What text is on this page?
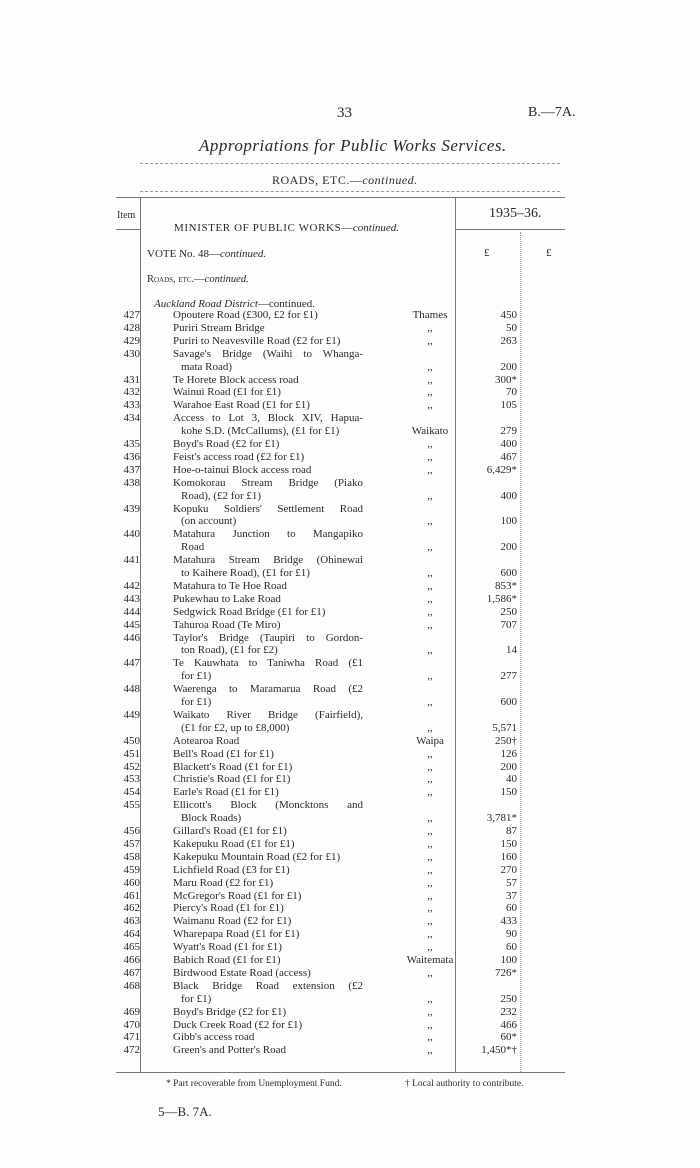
33	B.—7A.
Appropriations for Public Works Services.
ROADS, ETC.—continued.
Item	1935–36.
MINISTER OF PUBLIC WORKS—continued.
VOTE No. 48—continued.	£	£
Roads, etc.—continued.
Auckland Road District—continued.
427	Opoutere Road (£300, £2 for £1)	Thames	450
428	Puriri Stream Bridge	,,	50
429	Puriri to Neavesville Road (£2 for £1)	,,	263
430	Savage's Bridge (Waihi to Whanga-
mata Road)	,,	200
431	Te Horete Block access road	,,	300*
432	Wainui Road (£1 for £1)	,,	70
433	Warahoe East Road (£1 for £1)	,,	105
434	Access to Lot 3, Block XIV, Hapua-
kohe S.D. (McCallums), (£1 for £1)	Waikato	279
435	Boyd's Road (£2 for £1)	,,	400
436	Feist's access road (£2 for £1)	,,	467
437	Hoe-o-tainui Block access road	,,	6,429*
438	Komokorau Stream Bridge (Piako
Road), (£2 for £1)	,,	400
439	Kopuku Soldiers' Settlement Road
(on account)	,,	100
440	Matahura Junction to Mangapiko
Road	,,	200
441	Matahura Stream Bridge (Ohinewai
to Kaihere Road), (£1 for £1)	,,	600
442	Matahura to Te Hoe Road	,,	853*
443	Pukewhau to Lake Road	,,	1,586*
444	Sedgwick Road Bridge (£1 for £1)	,,	250
445	Tahuroa Road (Te Miro)	,,	707
446	Taylor's Bridge (Taupiri to Gordon-
ton Road), (£1 for £2)	,,	14
447	Te Kauwhata to Taniwha Road (£1
for £1)	,,	277
448	Waerenga to Maramarua Road (£2
for £1)	,,	600
449	Waikato River Bridge (Fairfield),
(£1 for £2, up to £8,000)	,,	5,571
450	Aotearoa Road	Waipa	250†
451	Bell's Road (£1 for £1)	,,	126
452	Blackett's Road (£1 for £1)	,,	200
453	Christie's Road (£1 for £1)	,,	40
454	Earle's Road (£1 for £1)	,,	150
455	Ellicott's Block (Moncktons and
Block Roads)	,,	3,781*
456	Gillard's Road (£1 for £1)	,,	87
457	Kakepuku Road (£1 for £1)	,,	150
458	Kakepuku Mountain Road (£2 for £1)	,,	160
459	Lichfield Road (£3 for £1)	,,	270
460	Maru Road (£2 for £1)	,,	57
461	McGregor's Road (£1 for £1)	,,	37
462	Piercy's Road (£1 for £1)	,,	60
463	Waimanu Road (£2 for £1)	,,	433
464	Wharepapa Road (£1 for £1)	,,	90
465	Wyatt's Road (£1 for £1)	,,	60
466	Babich Road (£1 for £1)	Waitemata	100
467	Birdwood Estate Road (access)	,,	726*
468	Black Bridge Road extension (£2
for £1)	,,	250
469	Boyd's Bridge (£2 for £1)	,,	232
470	Duck Creek Road (£2 for £1)	,,	466
471	Gibb's access road	,,	60*
472	Green's and Potter's Road	,,	1,450*†
* Part recoverable from Unemployment Fund.	† Local authority to contribute.
5—B. 7A.
